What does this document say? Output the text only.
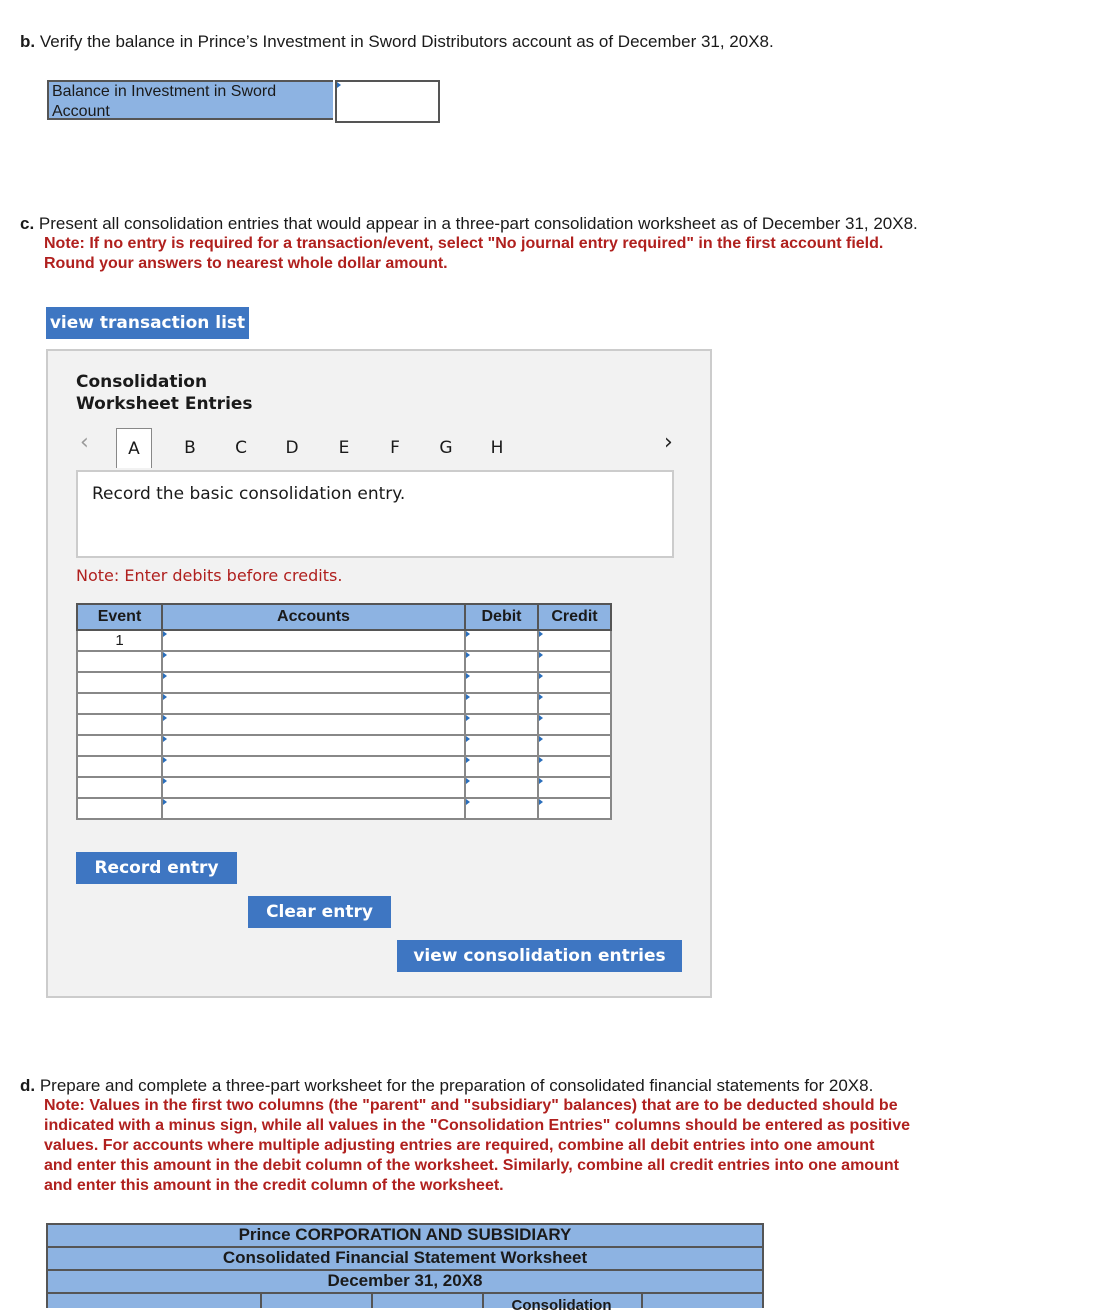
b. Verify the balance in Prince’s Investment in Sword Distributors account as of December 31, 20X8.
Balance in Investment in Sword Account
c. Present all consolidation entries that would appear in a three-part consolidation worksheet as of December 31, 20X8.
Note: If no entry is required for a transaction/event, select "No journal entry required" in the first account field.
Round your answers to nearest whole dollar amount.
view transaction list
Consolidation
Worksheet Entries
‹	A	B	C	D	E	F	G	H	›
Record the basic consolidation entry.
Note: Enter debits before credits.
Event	Accounts	Debit	Credit
1	

Record entry
Clear entry
view consolidation entries
d. Prepare and complete a three-part worksheet for the preparation of consolidated financial statements for 20X8.
Note: Values in the first two columns (the "parent" and "subsidiary" balances) that are to be deducted should be
indicated with a minus sign, while all values in the "Consolidation Entries" columns should be entered as positive
values. For accounts where multiple adjusting entries are required, combine all debit entries into one amount
and enter this amount in the debit column of the worksheet. Similarly, combine all credit entries into one amount
and enter this amount in the credit column of the worksheet.
Prince CORPORATION AND SUBSIDIARY
Consolidated Financial Statement Worksheet
December 31, 20X8
Consolidation
